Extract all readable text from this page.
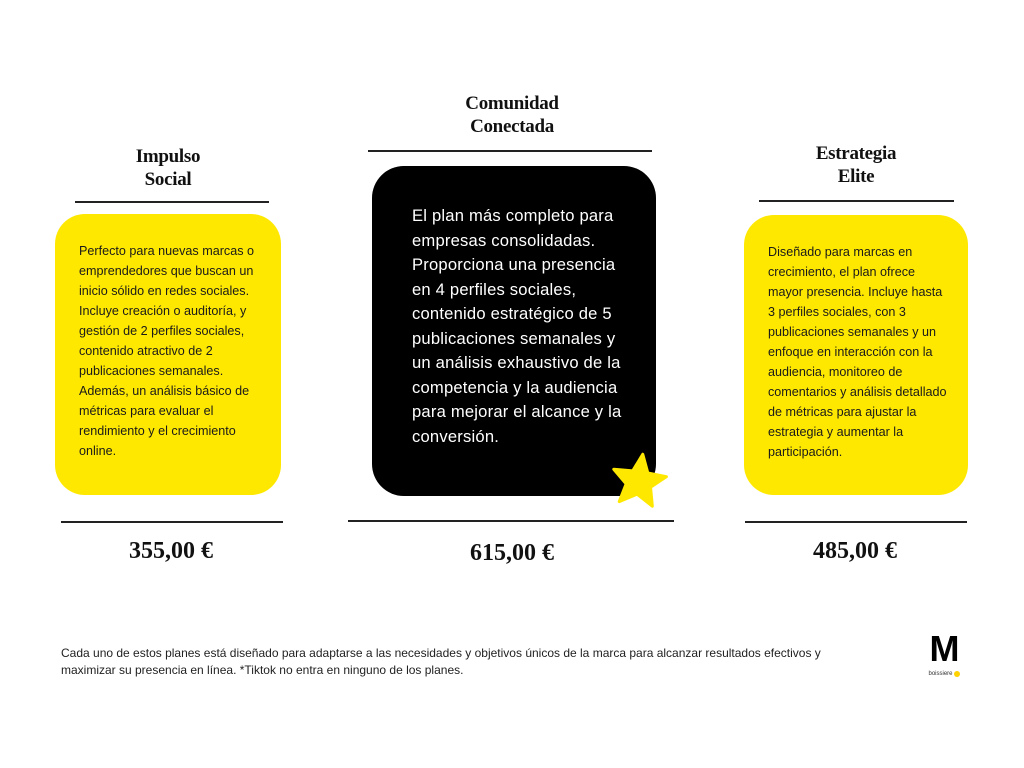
Impulso
Social
Perfecto para nuevas marcas o emprendedores que buscan un inicio sólido en redes sociales. Incluye creación o auditoría, y gestión de 2 perfiles sociales, contenido atractivo de 2 publicaciones semanales. Además, un análisis básico de métricas para evaluar el rendimiento y el crecimiento online.
355,00 €
Comunidad
Conectada
El plan más completo para empresas consolidadas. Proporciona una presencia en 4 perfiles sociales, contenido estratégico de 5 publicaciones semanales y un análisis exhaustivo de la competencia y la audiencia para mejorar el alcance y la conversión.
615,00 €
Estrategia
Elite
Diseñado para marcas en crecimiento, el plan ofrece mayor presencia. Incluye hasta 3 perfiles sociales, con 3 publicaciones semanales y un enfoque en interacción con la audiencia, monitoreo de comentarios y análisis detallado de métricas para ajustar la estrategia y aumentar la participación.
485,00 €
Cada uno de estos planes está diseñado para adaptarse a las necesidades y objetivos únicos de la marca para alcanzar resultados efectivos y maximizar su presencia en línea. *Tiktok no entra en ninguno de los planes.
M
boissiere
